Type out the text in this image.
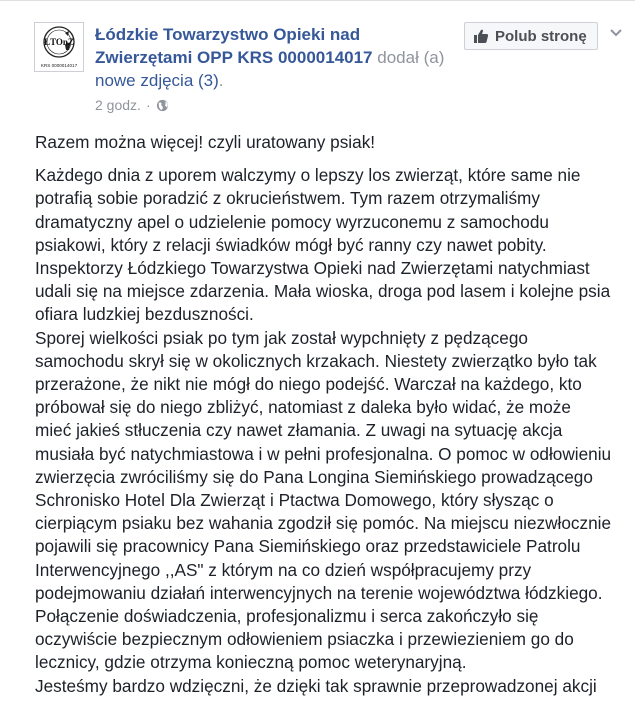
ŁTOnZ
KRS 0000014017
Łódzkie Towarzystwo Opieki nad Zwierzętami OPP KRS 0000014017 dodał (a) nowe zdjęcia (3).
2 godz. ·
Polub stronę

Razem można więcej! czyli uratowany psiak!

Każdego dnia z uporem walczymy o lepszy los zwierząt, które same nie

potrafią sobie poradzić z okrucieństwem. Tym razem otrzymaliśmy

dramatyczny apel o udzielenie pomocy wyrzuconemu z samochodu

psiakowi, który z relacji świadków mógł być ranny czy nawet pobity.

Inspektorzy Łódzkiego Towarzystwa Opieki nad Zwierzętami natychmiast

udali się na miejsce zdarzenia. Mała wioska, droga pod lasem i kolejne psia

ofiara ludzkiej bezduszności.

Sporej wielkości psiak po tym jak został wypchnięty z pędzącego

samochodu skrył się w okolicznych krzakach. Niestety zwierzątko było tak

przerażone, że nikt nie mógł do niego podejść. Warczał na każdego, kto

próbował się do niego zbliżyć, natomiast z daleka było widać, że może

mieć jakieś stłuczenia czy nawet złamania. Z uwagi na sytuację akcja

musiała być natychmiastowa i w pełni profesjonalna. O pomoc w odłowieniu

zwierzęcia zwróciliśmy się do Pana Longina Siemińskiego prowadzącego

Schronisko Hotel Dla Zwierząt i Ptactwa Domowego, który słysząc o

cierpiącym psiaku bez wahania zgodził się pomóc. Na miejscu niezwłocznie

pojawili się pracownicy Pana Siemińskiego oraz przedstawiciele Patrolu

Interwencyjnego ,,AS" z którym na co dzień współpracujemy przy

podejmowaniu działań interwencyjnych na terenie województwa łódzkiego.

Połączenie doświadczenia, profesjonalizmu i serca zakończyło się

oczywiście bezpiecznym odłowieniem psiaczka i przewiezieniem go do

lecznicy, gdzie otrzyma konieczną pomoc weterynaryjną.

Jesteśmy bardzo wdzięczni, że dzięki tak sprawnie przeprowadzonej akcji
